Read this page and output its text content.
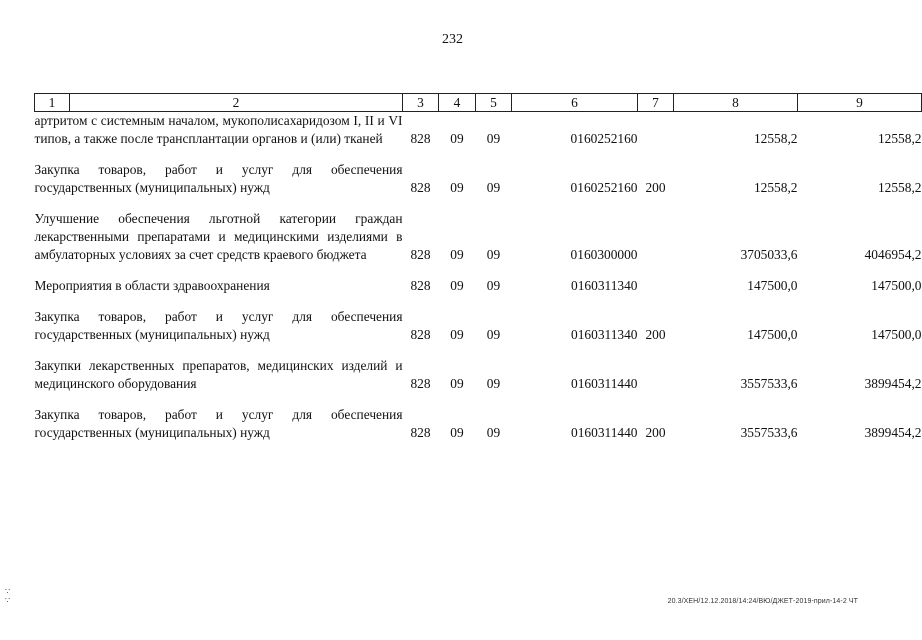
232
1	2	3	4	5	6	7	8	9
артритом с системным началом, мукополисахаридозом I, II и VI типов, а также после трансплантации органов и (или) тканей		828	09	09	0160252160		12558,2	12558,2

Закупка товаров, работ и услуг для обеспечения государственных (муниципальных) нужд		828	09	09	0160252160	200	12558,2	12558,2

Улучшение обеспечения льготной категории граждан лекарственными препаратами и медицинскими изделиями в амбулаторных условиях за счет средств краевого бюджета		828	09	09	0160300000		3705033,6	4046954,2

Мероприятия в области здравоохранения		828	09	09	0160311340		147500,0	147500,0

Закупка товаров, работ и услуг для обеспечения государственных (муниципальных) нужд		828	09	09	0160311340	200	147500,0	147500,0

Закупки лекарственных препаратов, медицинских изделий и медицинского оборудования		828	09	09	0160311440		3557533,6	3899454,2

Закупка товаров, работ и услуг для обеспечения государственных (муниципальных) нужд		828	09	09	0160311440	200	3557533,6	3899454,2
20.3/ХЕН/12.12.2018/14:24/ВЮ/ДЖЕТ-2019-прил-14-2 ЧТ
∵∵
